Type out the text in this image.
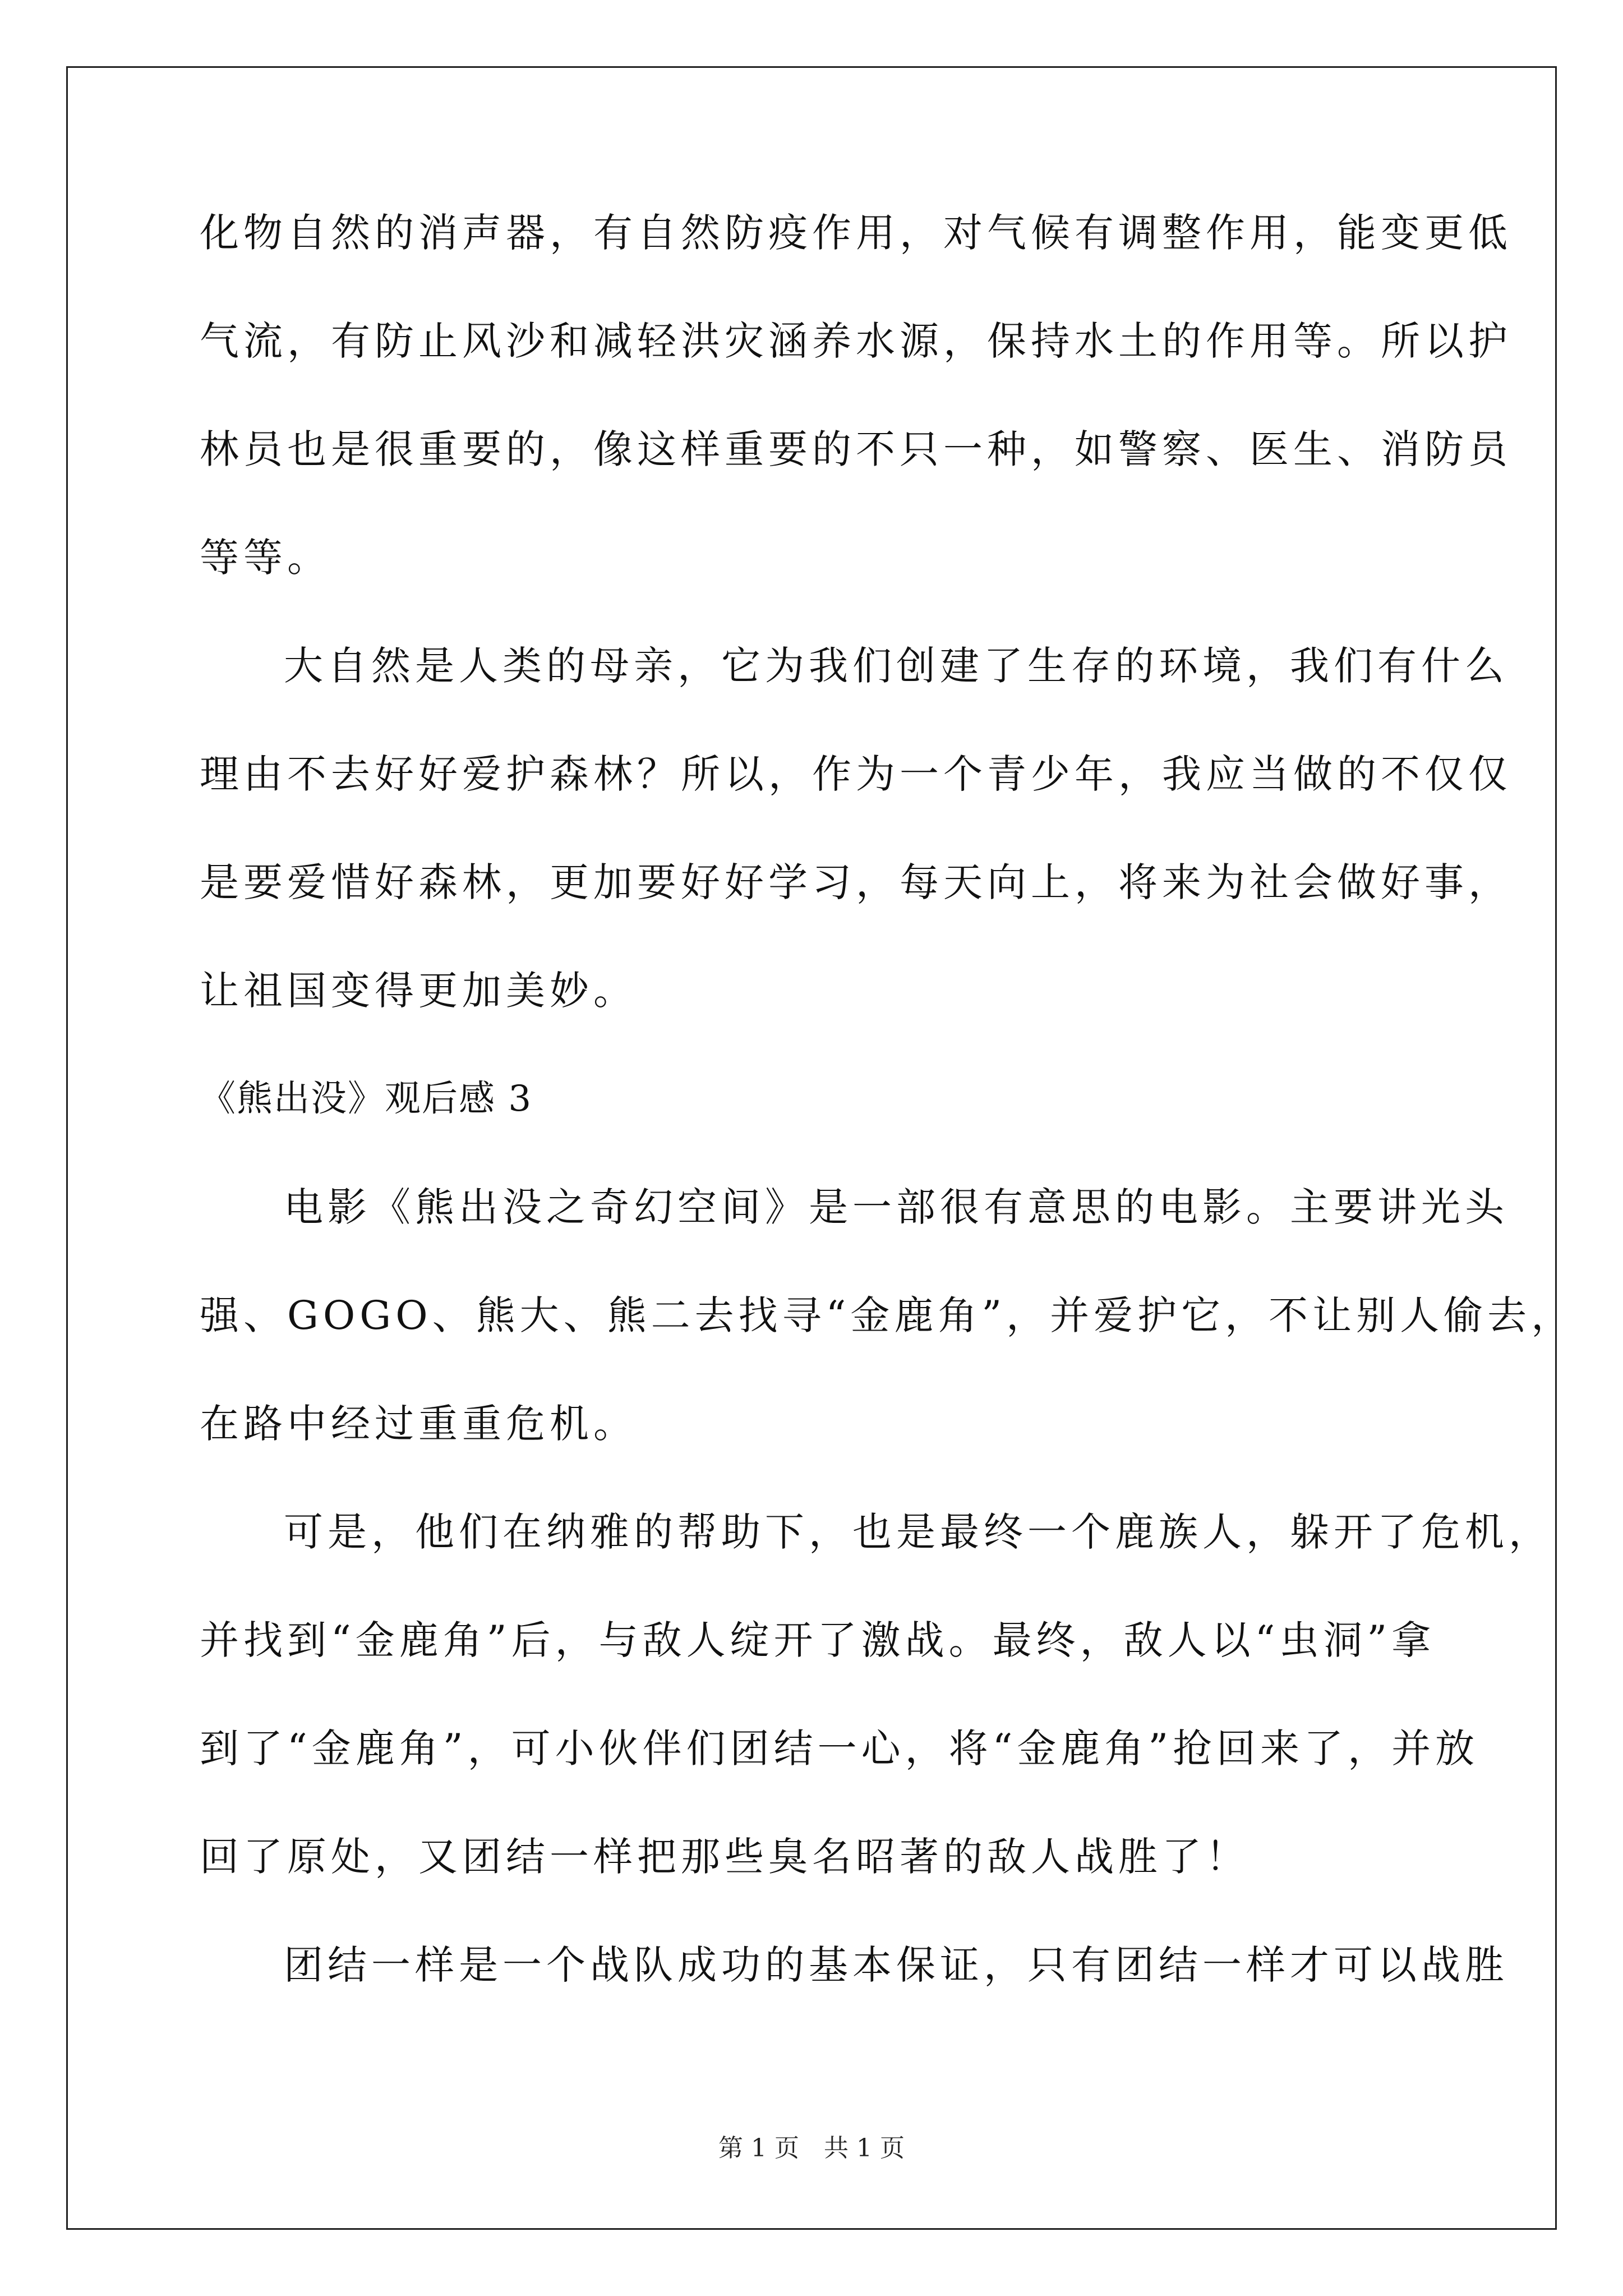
化物自然的消声器，有自然防疫作用，对气候有调整作用，能变更低
气流，有防止风沙和减轻洪灾涵养水源，保持水土的作用等。所以护
林员也是很重要的，像这样重要的不只一种，如警察、医生、消防员
等等。
大自然是人类的母亲，它为我们创建了生存的环境，我们有什么
理由不去好好爱护森林？所以，作为一个青少年，我应当做的不仅仅
是要爱惜好森林，更加要好好学习，每天向上，将来为社会做好事，
让祖国变得更加美妙。
《熊出没》观后感 3
电影《熊出没之奇幻空间》是一部很有意思的电影。主要讲光头
强、GOGO、熊大、熊二去找寻“金鹿角”，并爱护它，不让别人偷去，
在路中经过重重危机。
可是，他们在纳雅的帮助下，也是最终一个鹿族人，躲开了危机，
并找到“金鹿角”后，与敌人绽开了激战。最终，敌人以“虫洞”拿
到了“金鹿角”，可小伙伴们团结一心，将“金鹿角”抢回来了，并放
回了原处，又团结一样把那些臭名昭著的敌人战胜了！
团结一样是一个战队成功的基本保证，只有团结一样才可以战胜
第 1 页　共 1 页
